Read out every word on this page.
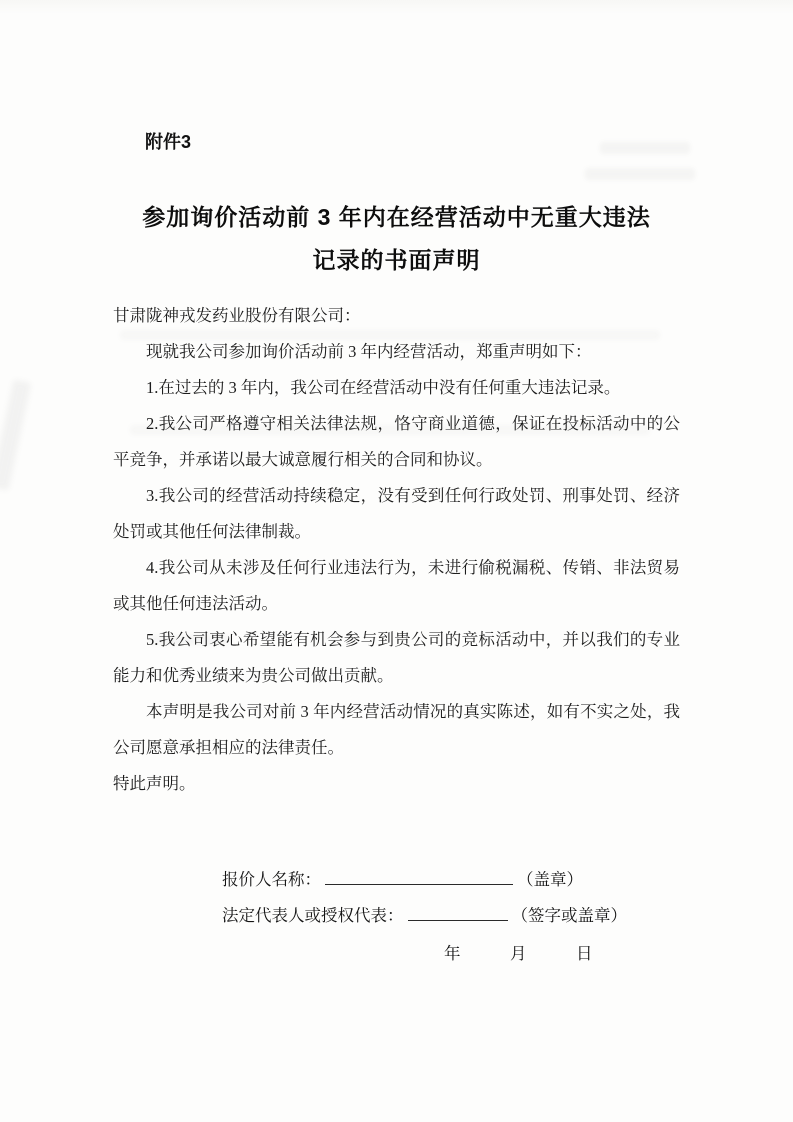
附件3
参加询价活动前 3 年内在经营活动中无重大违法
记录的书面声明

甘肃陇神戎发药业股份有限公司：

现就我公司参加询价活动前 3 年内经营活动，郑重声明如下：

1.在过去的 3 年内，我公司在经营活动中没有任何重大违法记录。

2.我公司严格遵守相关法律法规，恪守商业道德，保证在投标活动中的公平竞争，并承诺以最大诚意履行相关的合同和协议。

3.我公司的经营活动持续稳定，没有受到任何行政处罚、刑事处罚、经济处罚或其他任何法律制裁。

4.我公司从未涉及任何行业违法行为，未进行偷税漏税、传销、非法贸易或其他任何违法活动。

5.我公司衷心希望能有机会参与到贵公司的竞标活动中，并以我们的专业能力和优秀业绩来为贵公司做出贡献。

本声明是我公司对前 3 年内经营活动情况的真实陈述，如有不实之处，我公司愿意承担相应的法律责任。

特此声明。

报价人名称：	（盖章）
法定代表人或授权代表：	（签字或盖章）
年　　　月　　　日
